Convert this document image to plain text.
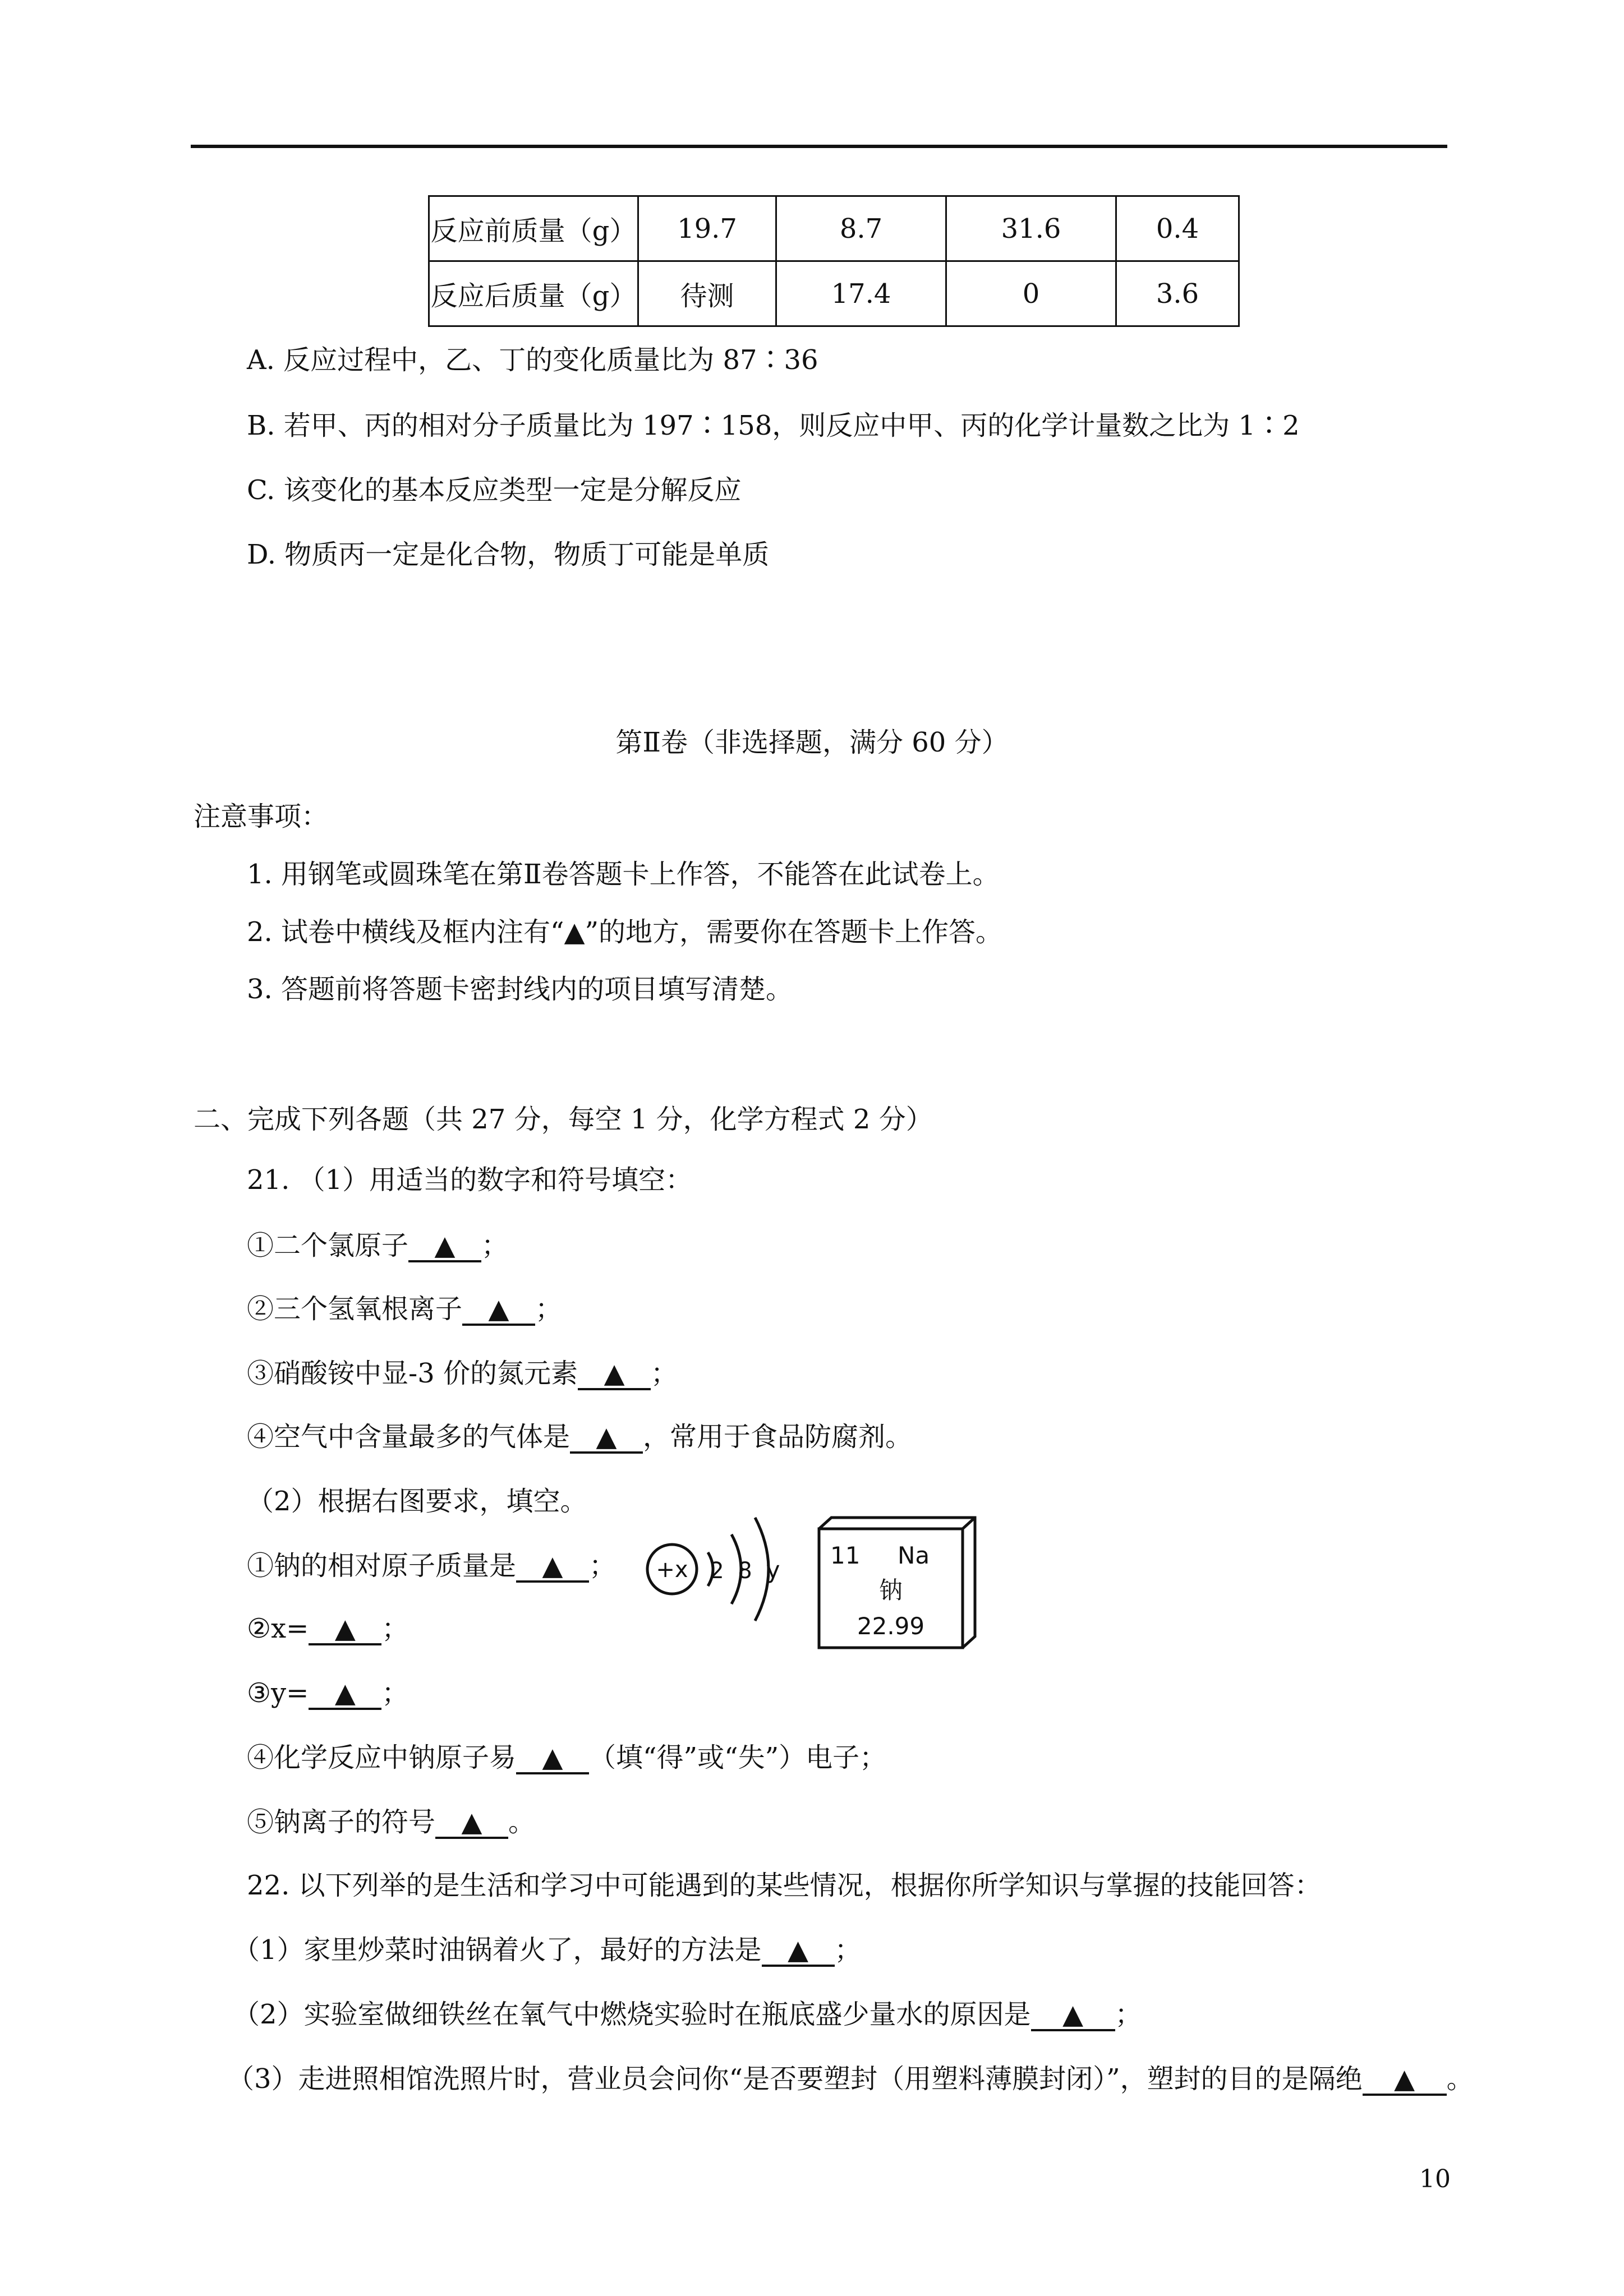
反应前质量（g）	19.7	8.7	31.6	0.4
反应后质量（g）	待测	17.4	0	3.6
A. 反应过程中，乙、丁的变化质量比为 87∶36
B. 若甲、丙的相对分子质量比为 197∶158，则反应中甲、丙的化学计量数之比为 1∶2
C. 该变化的基本反应类型一定是分解反应
D. 物质丙一定是化合物，物质丁可能是单质
第Ⅱ卷（非选择题，满分 60 分）
注意事项：
1. 用钢笔或圆珠笔在第Ⅱ卷答题卡上作答，不能答在此试卷上。
2. 试卷中横线及框内注有“▲”的地方，需要你在答题卡上作答。
3. 答题前将答题卡密封线内的项目填写清楚。
二、完成下列各题（共 27 分，每空 1 分，化学方程式 2 分）
21. （1）用适当的数字和符号填空：
①二个氯原子 ▲ ；
②三个氢氧根离子 ▲ ；
③硝酸铵中显-3 价的氮元素 ▲ ；
④空气中含量最多的气体是 ▲ ，常用于食品防腐剂。
（2）根据右图要求，填空。
①钠的相对原子质量是 ▲ ；
②x= ▲ ；
③y= ▲ ；
④化学反应中钠原子易 ▲ （填“得”或“失”）电子；
⑤钠离子的符号 ▲ 。
+x 2 8 y
11 Na
钠
22.99
22. 以下列举的是生活和学习中可能遇到的某些情况，根据你所学知识与掌握的技能回答：
（1）家里炒菜时油锅着火了，最好的方法是 ▲ ；
（2）实验室做细铁丝在氧气中燃烧实验时在瓶底盛少量水的原因是 ▲ ；
（3）走进照相馆洗照片时，营业员会问你“是否要塑封（用塑料薄膜封闭）”，塑封的目的是隔绝 ▲ 。
10
